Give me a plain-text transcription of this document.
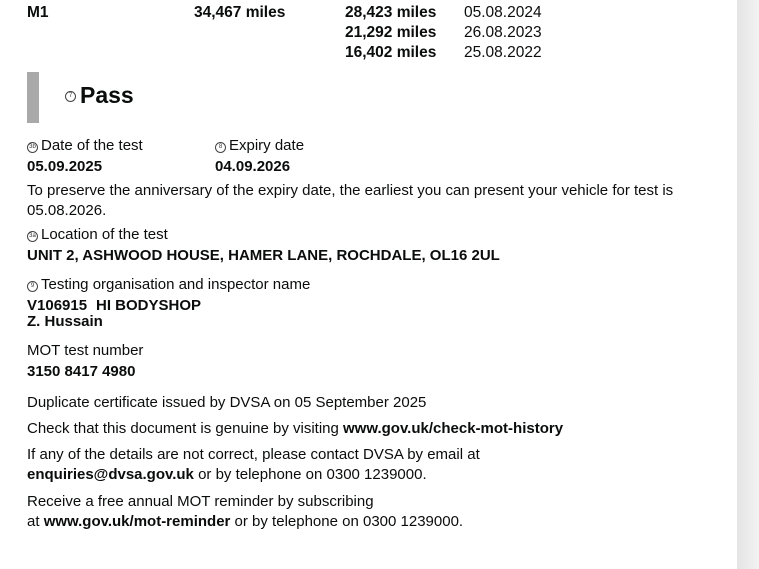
M1	34,467 miles	28,423 miles 05.08.2024
21,292 miles 26.08.2023
16,402 miles 25.08.2022
7 Pass
3b Date of the test
05.09.2025
8 Expiry date
04.09.2026
To preserve the anniversary of the expiry date, the earliest you can present your vehicle for test is 05.08.2026.
3a Location of the test
UNIT 2, ASHWOOD HOUSE, HAMER LANE, ROCHDALE, OL16 2UL
9 Testing organisation and inspector name
V106915 HI BODYSHOP
Z. Hussain
MOT test number
3150 8417 4980
Duplicate certificate issued by DVSA on 05 September 2025
Check that this document is genuine by visiting www.gov.uk/check-mot-history
If any of the details are not correct, please contact DVSA by email at
enquiries@dvsa.gov.uk or by telephone on 0300 1239000.
Receive a free annual MOT reminder by subscribing
at www.gov.uk/mot-reminder or by telephone on 0300 1239000.
